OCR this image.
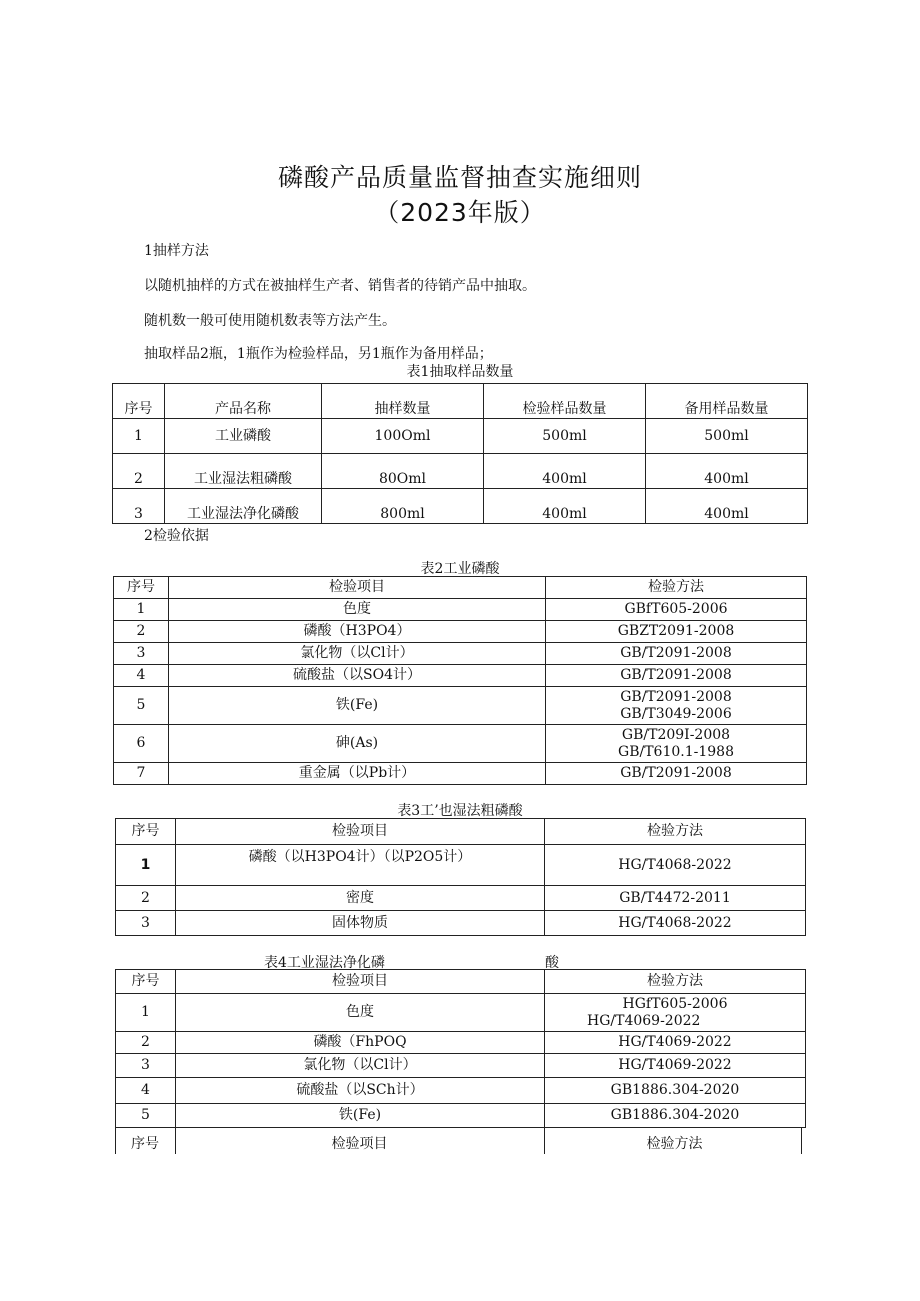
磷酸产品质量监督抽查实施细则
（2023年版）
1抽样方法
以随机抽样的方式在被抽样生产者、销售者的待销产品中抽取。
随机数一般可使用随机数表等方法产生。
抽取样品2瓶，1瓶作为检验样品，另1瓶作为备用样品；
表1抽取样品数量
序号	产品名称	抽样数量	检验样品数量	备用样品数量
1	工业磷酸	100Oml	500ml	500ml
2	工业湿法粗磷酸	80Oml	400ml	400ml
3	工业湿法净化磷酸	800ml	400ml	400ml
2检验依据
表2工业磷酸
序号	检验项目	检验方法
1	色度	GBfT605-2006
2	磷酸（H3PO4）	GBZT2091-2008
3	氯化物（以Cl计）	GB/T2091-2008
4	硫酸盐（以SO4计）	GB/T2091-2008
5	铁(Fe)	GB/T2091-2008
GB/T3049-2006

6	砷(As)	GB/T209I-2008
GB/T610.1-1988

7	重金属（以Pb计）	GB/T2091-2008
表3工’也湿法粗磷酸
序号	检验项目	检验方法
1	磷酸（以H3PO4计）（以P2O5计）	HG/T4068-2022
2	密度	GB/T4472-2011
3	固体物质	HG/T4068-2022
表4工业湿法净化磷	酸
序号	检验项目	检验方法
1	色度	HGfT605-2006
HG/T4069-2022

2	磷酸（FhPOQ	HG/T4069-2022
3	氯化物（以Cl计）	HG/T4069-2022
4	硫酸盐（以SCh计）	GB1886.304-2020
5	铁(Fe)	GB1886.304-2020
序号	检验项目	检验方法
